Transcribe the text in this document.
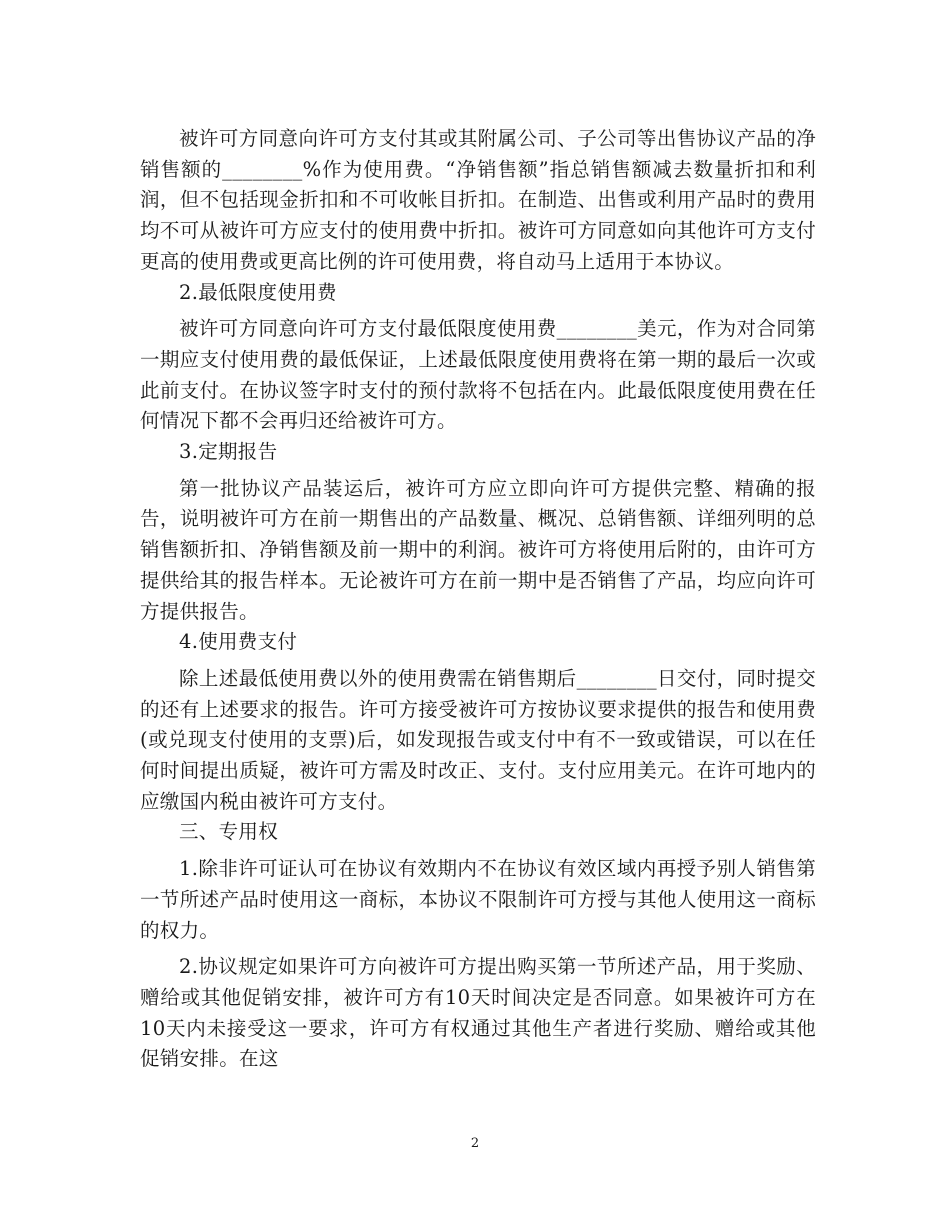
被许可方同意向许可方支付其或其附属公司、子公司等出售协议产品的净销售额的________%作为使用费。“净销售额”指总销售额减去数量折扣和利润，但不包括现金折扣和不可收帐目折扣。在制造、出售或利用产品时的费用均不可从被许可方应支付的使用费中折扣。被许可方同意如向其他许可方支付更高的使用费或更高比例的许可使用费，将自动马上适用于本协议。

2.最低限度使用费

被许可方同意向许可方支付最低限度使用费________美元，作为对合同第一期应支付使用费的最低保证，上述最低限度使用费将在第一期的最后一次或此前支付。在协议签字时支付的预付款将不包括在内。此最低限度使用费在任何情况下都不会再归还给被许可方。

3.定期报告

第一批协议产品装运后，被许可方应立即向许可方提供完整、精确的报告，说明被许可方在前一期售出的产品数量、概况、总销售额、详细列明的总销售额折扣、净销售额及前一期中的利润。被许可方将使用后附的，由许可方提供给其的报告样本。无论被许可方在前一期中是否销售了产品，均应向许可方提供报告。

4.使用费支付

除上述最低使用费以外的使用费需在销售期后________日交付，同时提交的还有上述要求的报告。许可方接受被许可方按协议要求提供的报告和使用费(或兑现支付使用的支票)后，如发现报告或支付中有不一致或错误，可以在任何时间提出质疑，被许可方需及时改正、支付。支付应用美元。在许可地内的应缴国内税由被许可方支付。

三、专用权

1.除非许可证认可在协议有效期内不在协议有效区域内再授予别人销售第一节所述产品时使用这一商标，本协议不限制许可方授与其他人使用这一商标的权力。

2.协议规定如果许可方向被许可方提出购买第一节所述产品，用于奖励、赠给或其他促销安排，被许可方有10天时间决定是否同意。如果被许可方在10天内未接受这一要求，许可方有权通过其他生产者进行奖励、赠给或其他促销安排。在这

2
